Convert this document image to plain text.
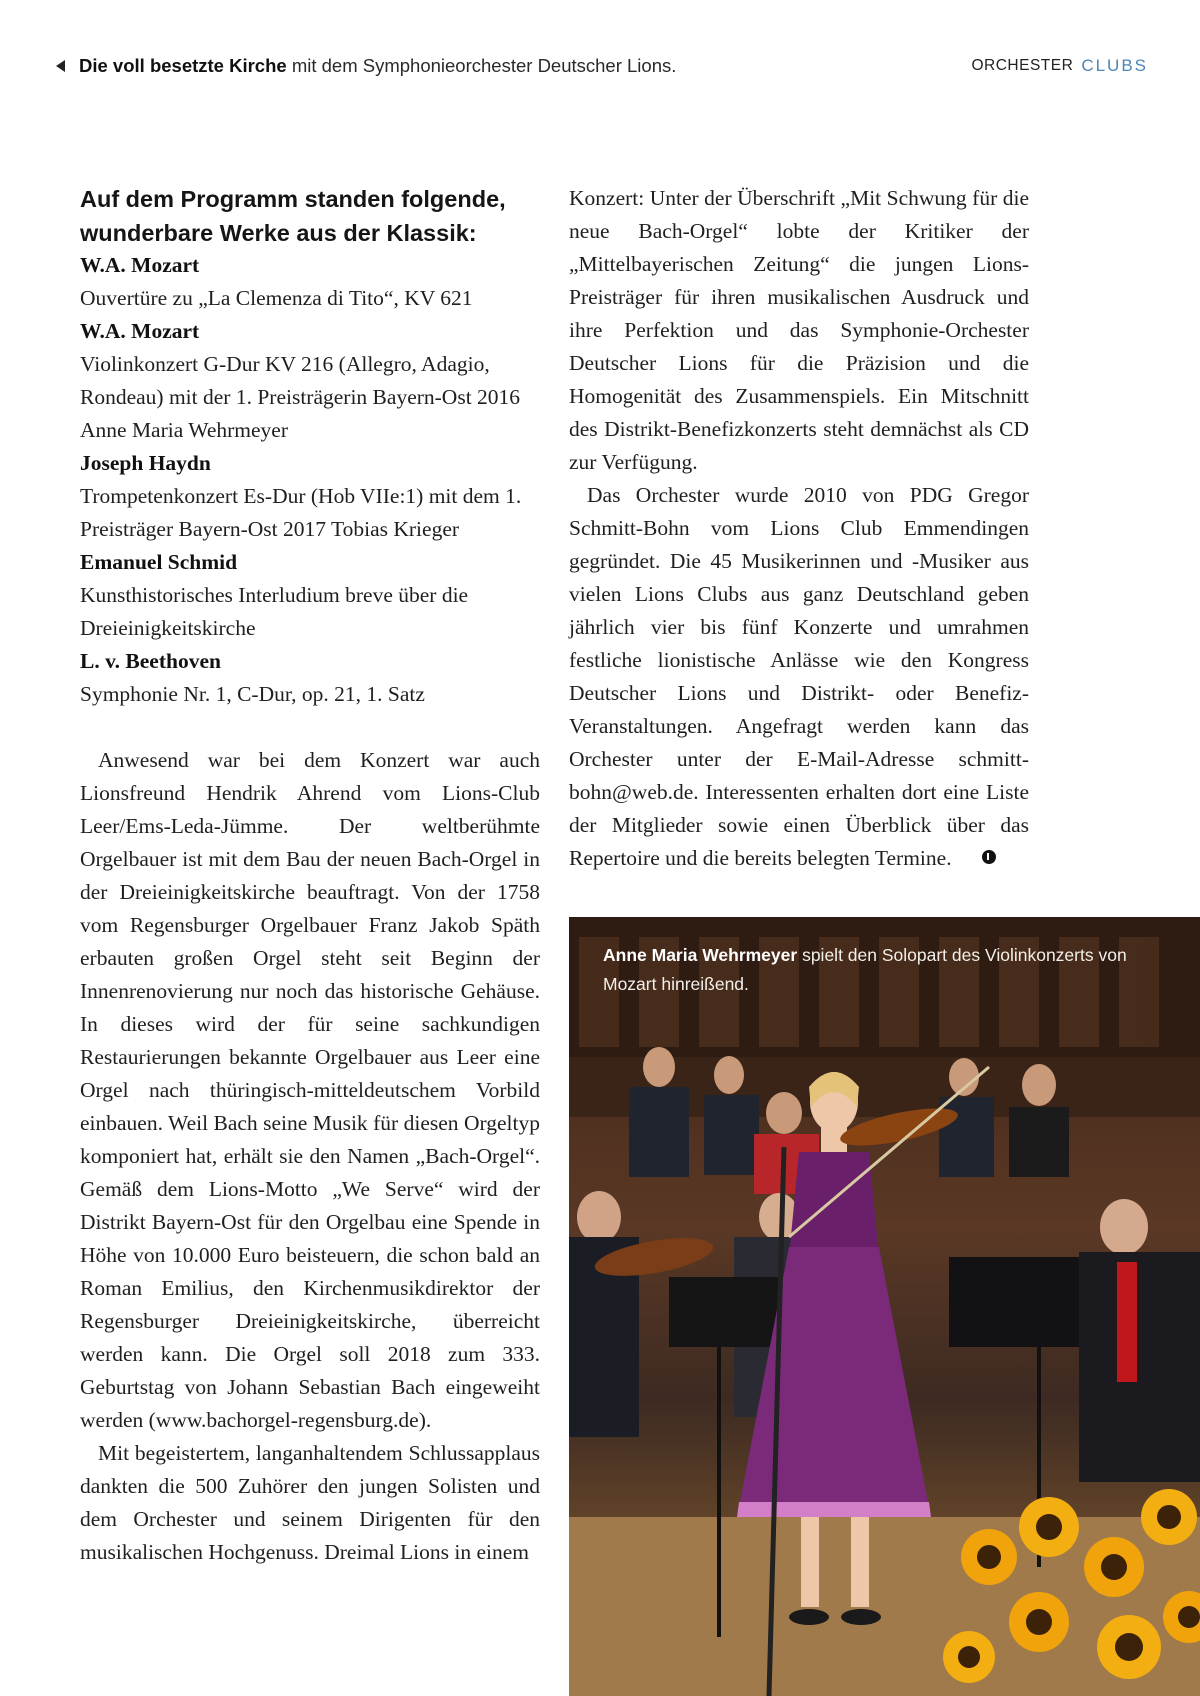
Die voll besetzte Kirche mit dem Symphonieorchester Deutscher Lions.	ORCHESTER CLUBS
Auf dem Programm standen folgende, wunderbare Werke aus der Klassik:
W.A. Mozart
Ouvertüre zu „La Clemenza di Tito“, KV 621
W.A. Mozart
Violinkonzert G-Dur KV 216 (Allegro, Adagio, Rondeau) mit der 1. Preisträgerin Bayern-Ost 2016 Anne Maria Wehrmeyer
Joseph Haydn
Trompetenkonzert Es-Dur (Hob VIIe:1) mit dem 1. Preisträger Bayern-Ost 2017 Tobias Krieger
Emanuel Schmid
Kunsthistorisches Interludium breve über die Dreieinigkeitskirche
L. v. Beethoven
Symphonie Nr. 1, C-Dur, op. 21, 1. Satz

Anwesend war bei dem Konzert war auch Lionsfreund Hendrik Ahrend vom Lions-Club Leer/Ems-Leda-Jümme. Der weltberühmte Orgelbauer ist mit dem Bau der neuen Bach-Orgel in der Dreieinigkeitskirche beauftragt. Von der 1758 vom Regensburger Orgelbauer Franz Jakob Späth erbauten großen Orgel steht seit Beginn der Innenrenovierung nur noch das historische Gehäuse. In dieses wird der für seine sachkundigen Restaurierungen bekannte Orgelbauer aus Leer eine Orgel nach thüringisch-mitteldeutschem Vorbild einbauen. Weil Bach seine Musik für diesen Orgeltyp komponiert hat, erhält sie den Namen „Bach-Orgel“. Gemäß dem Lions-Motto „We Serve“ wird der Distrikt Bayern-Ost für den Orgelbau eine Spende in Höhe von 10.000 Euro beisteuern, die schon bald an Roman Emilius, den Kirchenmusikdirektor der Regensburger Dreieinigkeitskirche, überreicht werden kann. Die Orgel soll 2018 zum 333. Geburtstag von Johann Sebastian Bach eingeweiht werden (www.bachorgel-regensburg.de).

Mit begeistertem, langanhaltendem Schlussapplaus dankten die 500 Zuhörer den jungen Solisten und dem Orchester und seinem Dirigenten für den musikalischen Hochgenuss. Dreimal Lions in einem

Konzert: Unter der Überschrift „Mit Schwung für die neue Bach-Orgel“ lobte der Kritiker der „Mittelbayerischen Zeitung“ die jungen Lions-Preisträger für ihren musikalischen Ausdruck und ihre Perfektion und das Symphonie-Orchester Deutscher Lions für die Präzision und die Homogenität des Zusammenspiels. Ein Mitschnitt des Distrikt-Benefizkonzerts steht demnächst als CD zur Verfügung.

Das Orchester wurde 2010 von PDG Gregor Schmitt-Bohn vom Lions Club Emmendingen gegründet. Die 45 Musikerinnen und -Musiker aus vielen Lions Clubs aus ganz Deutschland geben jährlich vier bis fünf Konzerte und umrahmen festliche lionistische Anlässe wie den Kongress Deutscher Lions und Distrikt- oder Benefiz-Veranstaltungen. Angefragt werden kann das Orchester unter der E-Mail-Adresse schmitt-bohn@web.de. Interessenten erhalten dort eine Liste der Mitglieder sowie einen Überblick über das Repertoire und die bereits belegten Termine.

Anne Maria Wehrmeyer spielt den Solopart des Violinkonzerts von Mozart hinreißend.
